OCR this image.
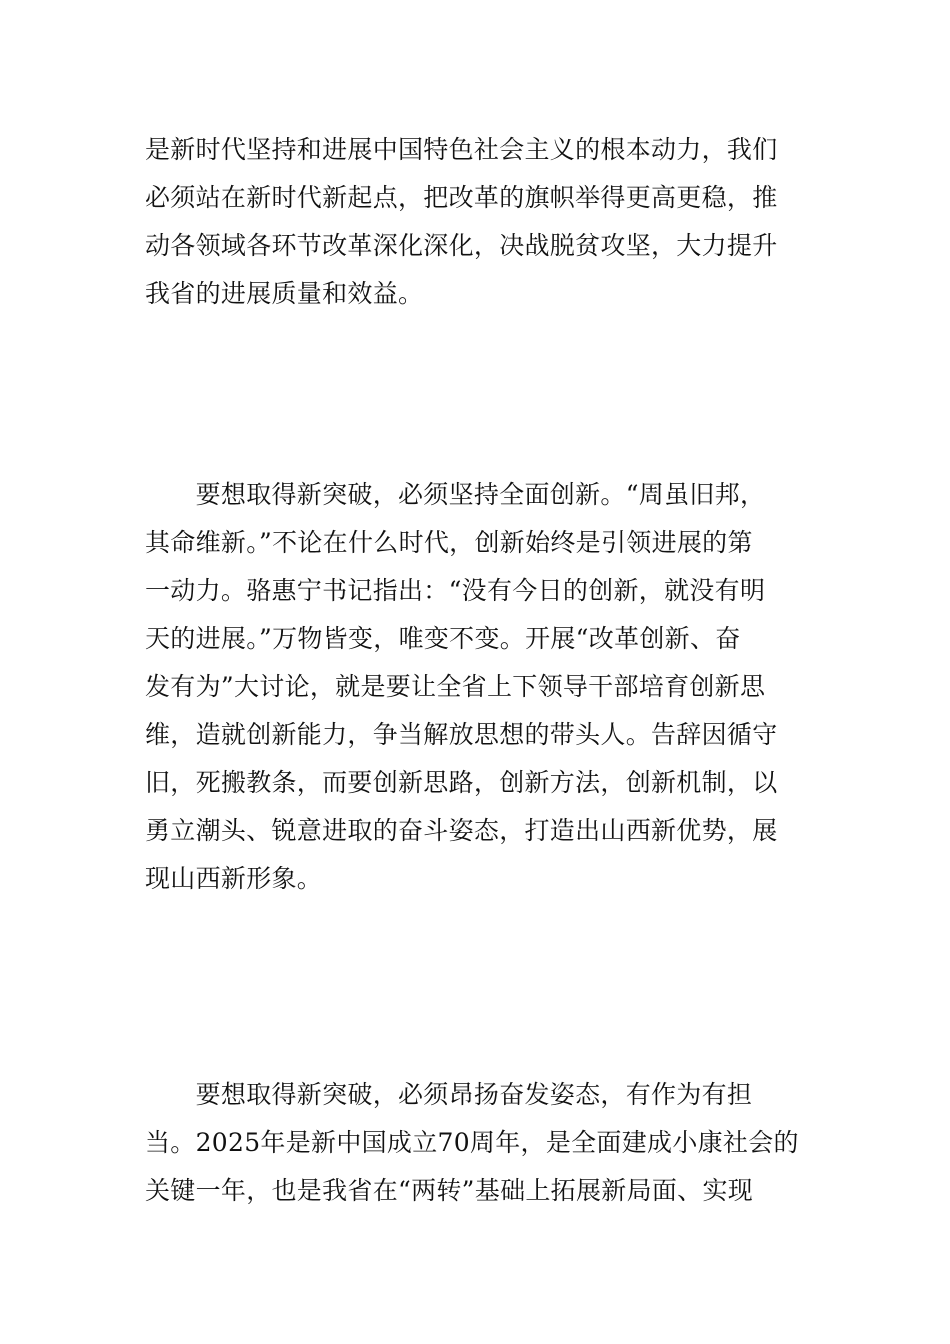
是新时代坚持和进展中国特色社会主义的根本动力，我们
必须站在新时代新起点，把改革的旗帜举得更高更稳，推
动各领域各环节改革深化深化，决战脱贫攻坚，大力提升
我省的进展质量和效益。
　　要想取得新突破，必须坚持全面创新。“周虽旧邦，
其命维新。”不论在什么时代，创新始终是引领进展的第
一动力。骆惠宁书记指出：“没有今日的创新，就没有明
天的进展。”万物皆变，唯变不变。开展“改革创新、奋
发有为”大讨论，就是要让全省上下领导干部培育创新思
维，造就创新能力，争当解放思想的带头人。告辞因循守
旧，死搬教条，而要创新思路，创新方法，创新机制，以
勇立潮头、锐意进取的奋斗姿态，打造出山西新优势，展
现山西新形象。
　　要想取得新突破，必须昂扬奋发姿态，有作为有担
当。2025年是新中国成立70周年，是全面建成小康社会的
关键一年，也是我省在“两转”基础上拓展新局面、实现
